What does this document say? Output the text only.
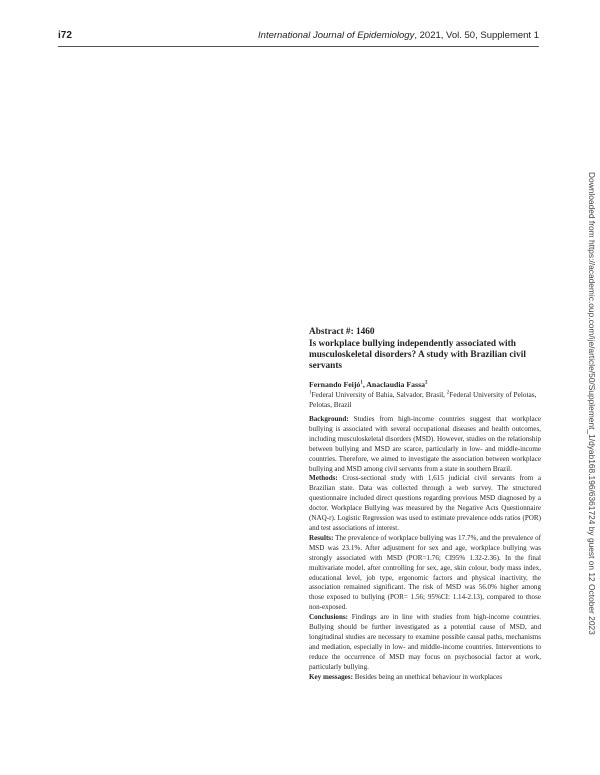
i72	International Journal of Epidemiology, 2021, Vol. 50, Supplement 1
Downloaded from https://academic.oup.com/ije/article/50/Supplement_1/dyab168.196/6361724 by guest on 12 October 2023
Abstract #: 1460
Is workplace bullying independently associated with musculoskeletal disorders? A study with Brazilian civil servants
Fernando Feijó$^1$, Anaclaudia Fassa$^2$
$^1$Federal University of Bahia, Salvador, Brasil, $^2$Federal University of Pelotas, Pelotas, Brazil

Background: Studies from high-income countries suggest that workplace bullying is associated with several occupational diseases and health outcomes, including musculoskeletal disorders (MSD). However, studies on the relationship between bullying and MSD are scarce, particularly in low- and middle-income countries. Therefore, we aimed to investigate the association between workplace bullying and MSD among civil servants from a state in southern Brazil.

Methods: Cross-sectional study with 1,615 judicial civil servants from a Brazilian state. Data was collected through a web survey. The structured questionnaire included direct questions regarding previous MSD diagnosed by a doctor. Workplace Bullying was measured by the Negative Acts Questionnaire (NAQ-r). Logistic Regression was used to estimate prevalence odds ratios (POR) and test associations of interest.

Results: The prevalence of workplace bullying was 17.7%, and the prevalence of MSD was 23.1%. After adjustment for sex and age, workplace bullying was strongly associated with MSD (POR=1.76; CI95% 1.32-2.36). In the final multivariate model, after controlling for sex, age, skin colour, body mass index, educational level, job type, ergonomic factors and physical inactivity, the association remained significant. The risk of MSD was 56.0% higher among those exposed to bullying (POR= 1.56; 95%CI: 1.14-2.13), compared to those non-exposed.

Conclusions: Findings are in line with studies from high-income countries. Bullying should be further investigated as a potential cause of MSD, and longitudinal studies are necessary to examine possible causal paths, mechanisms and mediation, especially in low- and middle-income countries. Interventions to reduce the occurrence of MSD may focus on psychosocial factor at work, particularly bullying.

Key messages: Besides being an unethical behaviour in workplaces
